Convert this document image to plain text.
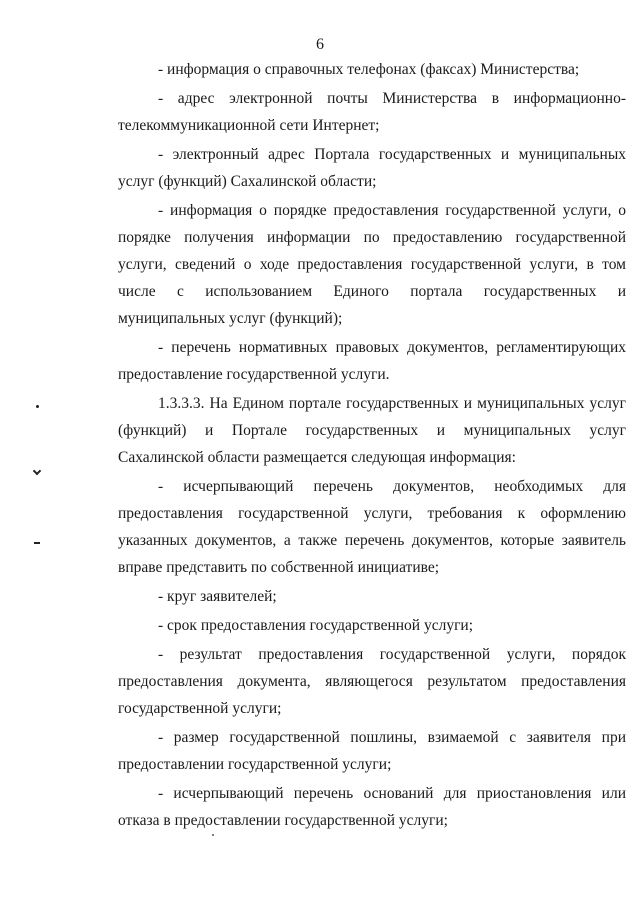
6

- информация о справочных телефонах (факсах) Министерства;

- адрес электронной почты Министерства в информационно-телекоммуникационной сети Интернет;

- электронный адрес Портала государственных и муниципальных услуг (функций) Сахалинской области;

- информация о порядке предоставления государственной услуги, о порядке получения информации по предоставлению государственной услуги, сведений о ходе предоставления государственной услуги, в том числе с использованием Единого портала государственных и муниципальных услуг (функций);

- перечень нормативных правовых документов, регламентирующих предоставление государственной услуги.

1.3.3.3. На Едином портале государственных и муниципальных услуг (функций) и Портале государственных и муниципальных услуг Сахалинской области размещается следующая информация:

- исчерпывающий перечень документов, необходимых для предоставления государственной услуги, требования к оформлению указанных документов, а также перечень документов, которые заявитель вправе представить по собственной инициативе;

- круг заявителей;

- срок предоставления государственной услуги;

- результат предоставления государственной услуги, порядок предоставления документа, являющегося результатом предоставления государственной услуги;

- размер государственной пошлины, взимаемой с заявителя при предоставлении государственной услуги;

- исчерпывающий перечень оснований для приостановления или отказа в предоставлении государственной услуги;
